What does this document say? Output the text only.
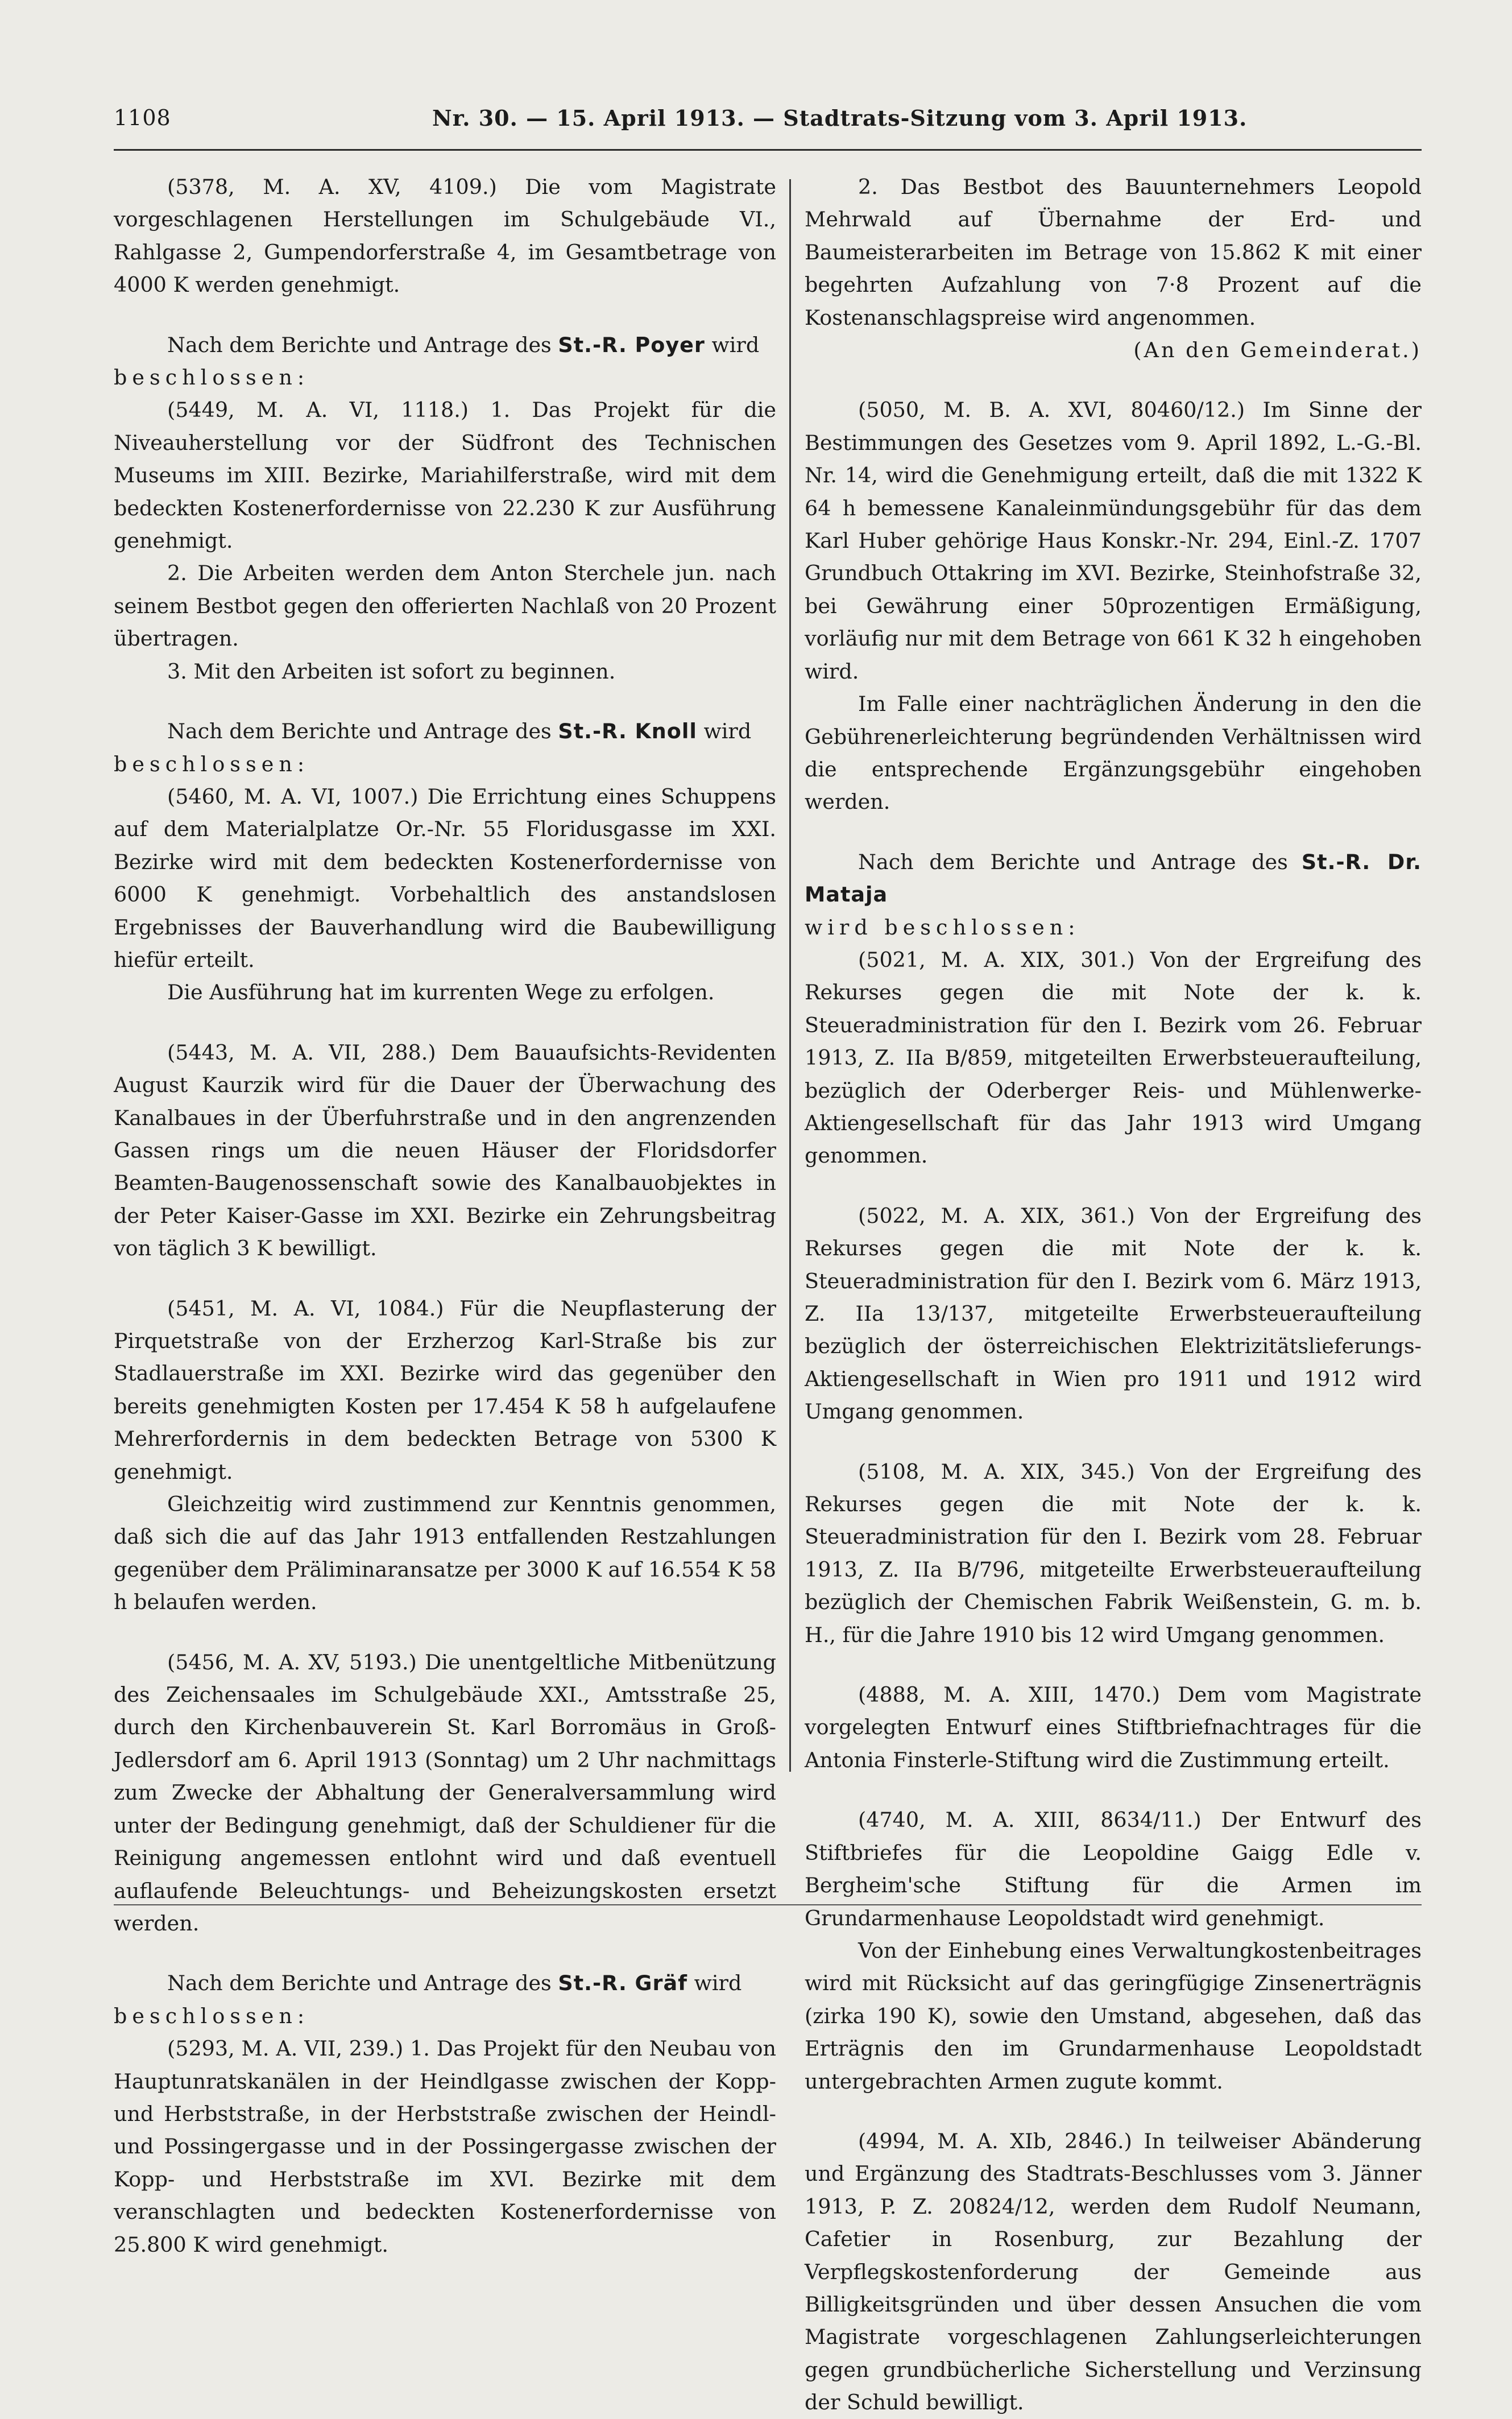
1108	Nr. 30. — 15. April 1913. — Stadtrats-Sitzung vom 3. April 1913.

(5378, M. A. XV, 4109.) Die vom Magistrate vorgeschlagenen Herstellungen im Schulgebäude VI., Rahlgasse 2, Gumpendorferstraße 4, im Gesamtbetrage von 4000 K werden genehmigt.

Nach dem Berichte und Antrage des St.-R. Poyer wird

beschlossen:

(5449, M. A. VI, 1118.) 1. Das Projekt für die Niveauherstellung vor der Südfront des Technischen Museums im XIII. Bezirke, Mariahilferstraße, wird mit dem bedeckten Kostenerfordernisse von 22.230 K zur Ausführung genehmigt.

2. Die Arbeiten werden dem Anton Sterchele jun. nach seinem Bestbot gegen den offerierten Nachlaß von 20 Prozent übertragen.

3. Mit den Arbeiten ist sofort zu beginnen.

Nach dem Berichte und Antrage des St.-R. Knoll wird

beschlossen:

(5460, M. A. VI, 1007.) Die Errichtung eines Schuppens auf dem Materialplatze Or.-Nr. 55 Floridusgasse im XXI. Bezirke wird mit dem bedeckten Kostenerfordernisse von 6000 K genehmigt. Vorbehaltlich des anstandslosen Ergebnisses der Bauverhandlung wird die Baubewilligung hiefür erteilt.

Die Ausführung hat im kurrenten Wege zu erfolgen.

(5443, M. A. VII, 288.) Dem Bauaufsichts-Revidenten August Kaurzik wird für die Dauer der Überwachung des Kanalbaues in der Überfuhrstraße und in den angrenzenden Gassen rings um die neuen Häuser der Floridsdorfer Beamten-Baugenossenschaft sowie des Kanalbauobjektes in der Peter Kaiser-Gasse im XXI. Bezirke ein Zehrungsbeitrag von täglich 3 K bewilligt.

(5451, M. A. VI, 1084.) Für die Neupflasterung der Pirquetstraße von der Erzherzog Karl-Straße bis zur Stadlauerstraße im XXI. Bezirke wird das gegenüber den bereits genehmigten Kosten per 17.454 K 58 h aufgelaufene Mehrerfordernis in dem bedeckten Betrage von 5300 K genehmigt.

Gleichzeitig wird zustimmend zur Kenntnis genommen, daß sich die auf das Jahr 1913 entfallenden Restzahlungen gegenüber dem Präliminaransatze per 3000 K auf 16.554 K 58 h belaufen werden.

(5456, M. A. XV, 5193.) Die unentgeltliche Mitbenützung des Zeichensaales im Schulgebäude XXI., Amtsstraße 25, durch den Kirchenbauverein St. Karl Borromäus in Groß-Jedlersdorf am 6. April 1913 (Sonntag) um 2 Uhr nachmittags zum Zwecke der Abhaltung der Generalversammlung wird unter der Bedingung genehmigt, daß der Schuldiener für die Reinigung angemessen entlohnt wird und daß eventuell auflaufende Beleuchtungs- und Beheizungskosten ersetzt werden.

Nach dem Berichte und Antrage des St.-R. Gräf wird

beschlossen:

(5293, M. A. VII, 239.) 1. Das Projekt für den Neubau von Hauptunratskanälen in der Heindlgasse zwischen der Kopp- und Herbststraße, in der Herbststraße zwischen der Heindl- und Possingergasse und in der Possingergasse zwischen der Kopp- und Herbststraße im XVI. Bezirke mit dem veranschlagten und bedeckten Kostenerfordernisse von 25.800 K wird genehmigt.

2. Das Bestbot des Bauunternehmers Leopold Mehrwald auf Übernahme der Erd- und Baumeisterarbeiten im Betrage von 15.862 K mit einer begehrten Aufzahlung von 7·8 Prozent auf die Kostenanschlagspreise wird angenommen.

(An den Gemeinderat.)

(5050, M. B. A. XVI, 80460/12.) Im Sinne der Bestimmungen des Gesetzes vom 9. April 1892, L.-G.-Bl. Nr. 14, wird die Genehmigung erteilt, daß die mit 1322 K 64 h bemessene Kanaleinmündungsgebühr für das dem Karl Huber gehörige Haus Konskr.-Nr. 294, Einl.-Z. 1707 Grundbuch Ottakring im XVI. Bezirke, Steinhofstraße 32, bei Gewährung einer 50prozentigen Ermäßigung, vorläufig nur mit dem Betrage von 661 K 32 h eingehoben wird.

Im Falle einer nachträglichen Änderung in den die Gebührenerleichterung begründenden Verhältnissen wird die entsprechende Ergänzungsgebühr eingehoben werden.

Nach dem Berichte und Antrage des St.-R. Dr. Mataja

wird beschlossen:

(5021, M. A. XIX, 301.) Von der Ergreifung des Rekurses gegen die mit Note der k. k. Steueradministration für den I. Bezirk vom 26. Februar 1913, Z. IIa B/859, mitgeteilten Erwerbsteueraufteilung, bezüglich der Oderberger Reis- und Mühlenwerke-Aktiengesellschaft für das Jahr 1913 wird Umgang genommen.

(5022, M. A. XIX, 361.) Von der Ergreifung des Rekurses gegen die mit Note der k. k. Steueradministration für den I. Bezirk vom 6. März 1913, Z. IIa 13/137, mitgeteilte Erwerbsteueraufteilung bezüglich der österreichischen Elektrizitätslieferungs-Aktiengesellschaft in Wien pro 1911 und 1912 wird Umgang genommen.

(5108, M. A. XIX, 345.) Von der Ergreifung des Rekurses gegen die mit Note der k. k. Steueradministration für den I. Bezirk vom 28. Februar 1913, Z. IIa B/796, mitgeteilte Erwerbsteueraufteilung bezüglich der Chemischen Fabrik Weißenstein, G. m. b. H., für die Jahre 1910 bis 12 wird Umgang genommen.

(4888, M. A. XIII, 1470.) Dem vom Magistrate vorgelegten Entwurf eines Stiftbriefnachtrages für die Antonia Finsterle-Stiftung wird die Zustimmung erteilt.

(4740, M. A. XIII, 8634/11.) Der Entwurf des Stiftbriefes für die Leopoldine Gaigg Edle v. Bergheim'sche Stiftung für die Armen im Grundarmenhause Leopoldstadt wird genehmigt.

Von der Einhebung eines Verwaltungkostenbeitrages wird mit Rücksicht auf das geringfügige Zinsenerträgnis (zirka 190 K), sowie den Umstand, abgesehen, daß das Erträgnis den im Grundarmenhause Leopoldstadt untergebrachten Armen zugute kommt.

(4994, M. A. XIb, 2846.) In teilweiser Abänderung und Ergänzung des Stadtrats-Beschlusses vom 3. Jänner 1913, P. Z. 20824/12, werden dem Rudolf Neumann, Cafetier in Rosenburg, zur Bezahlung der Verpflegskostenforderung der Gemeinde aus Billigkeitsgründen und über dessen Ansuchen die vom Magistrate vorgeschlagenen Zahlungserleichterungen gegen grundbücherliche Sicherstellung und Verzinsung der Schuld bewilligt.
